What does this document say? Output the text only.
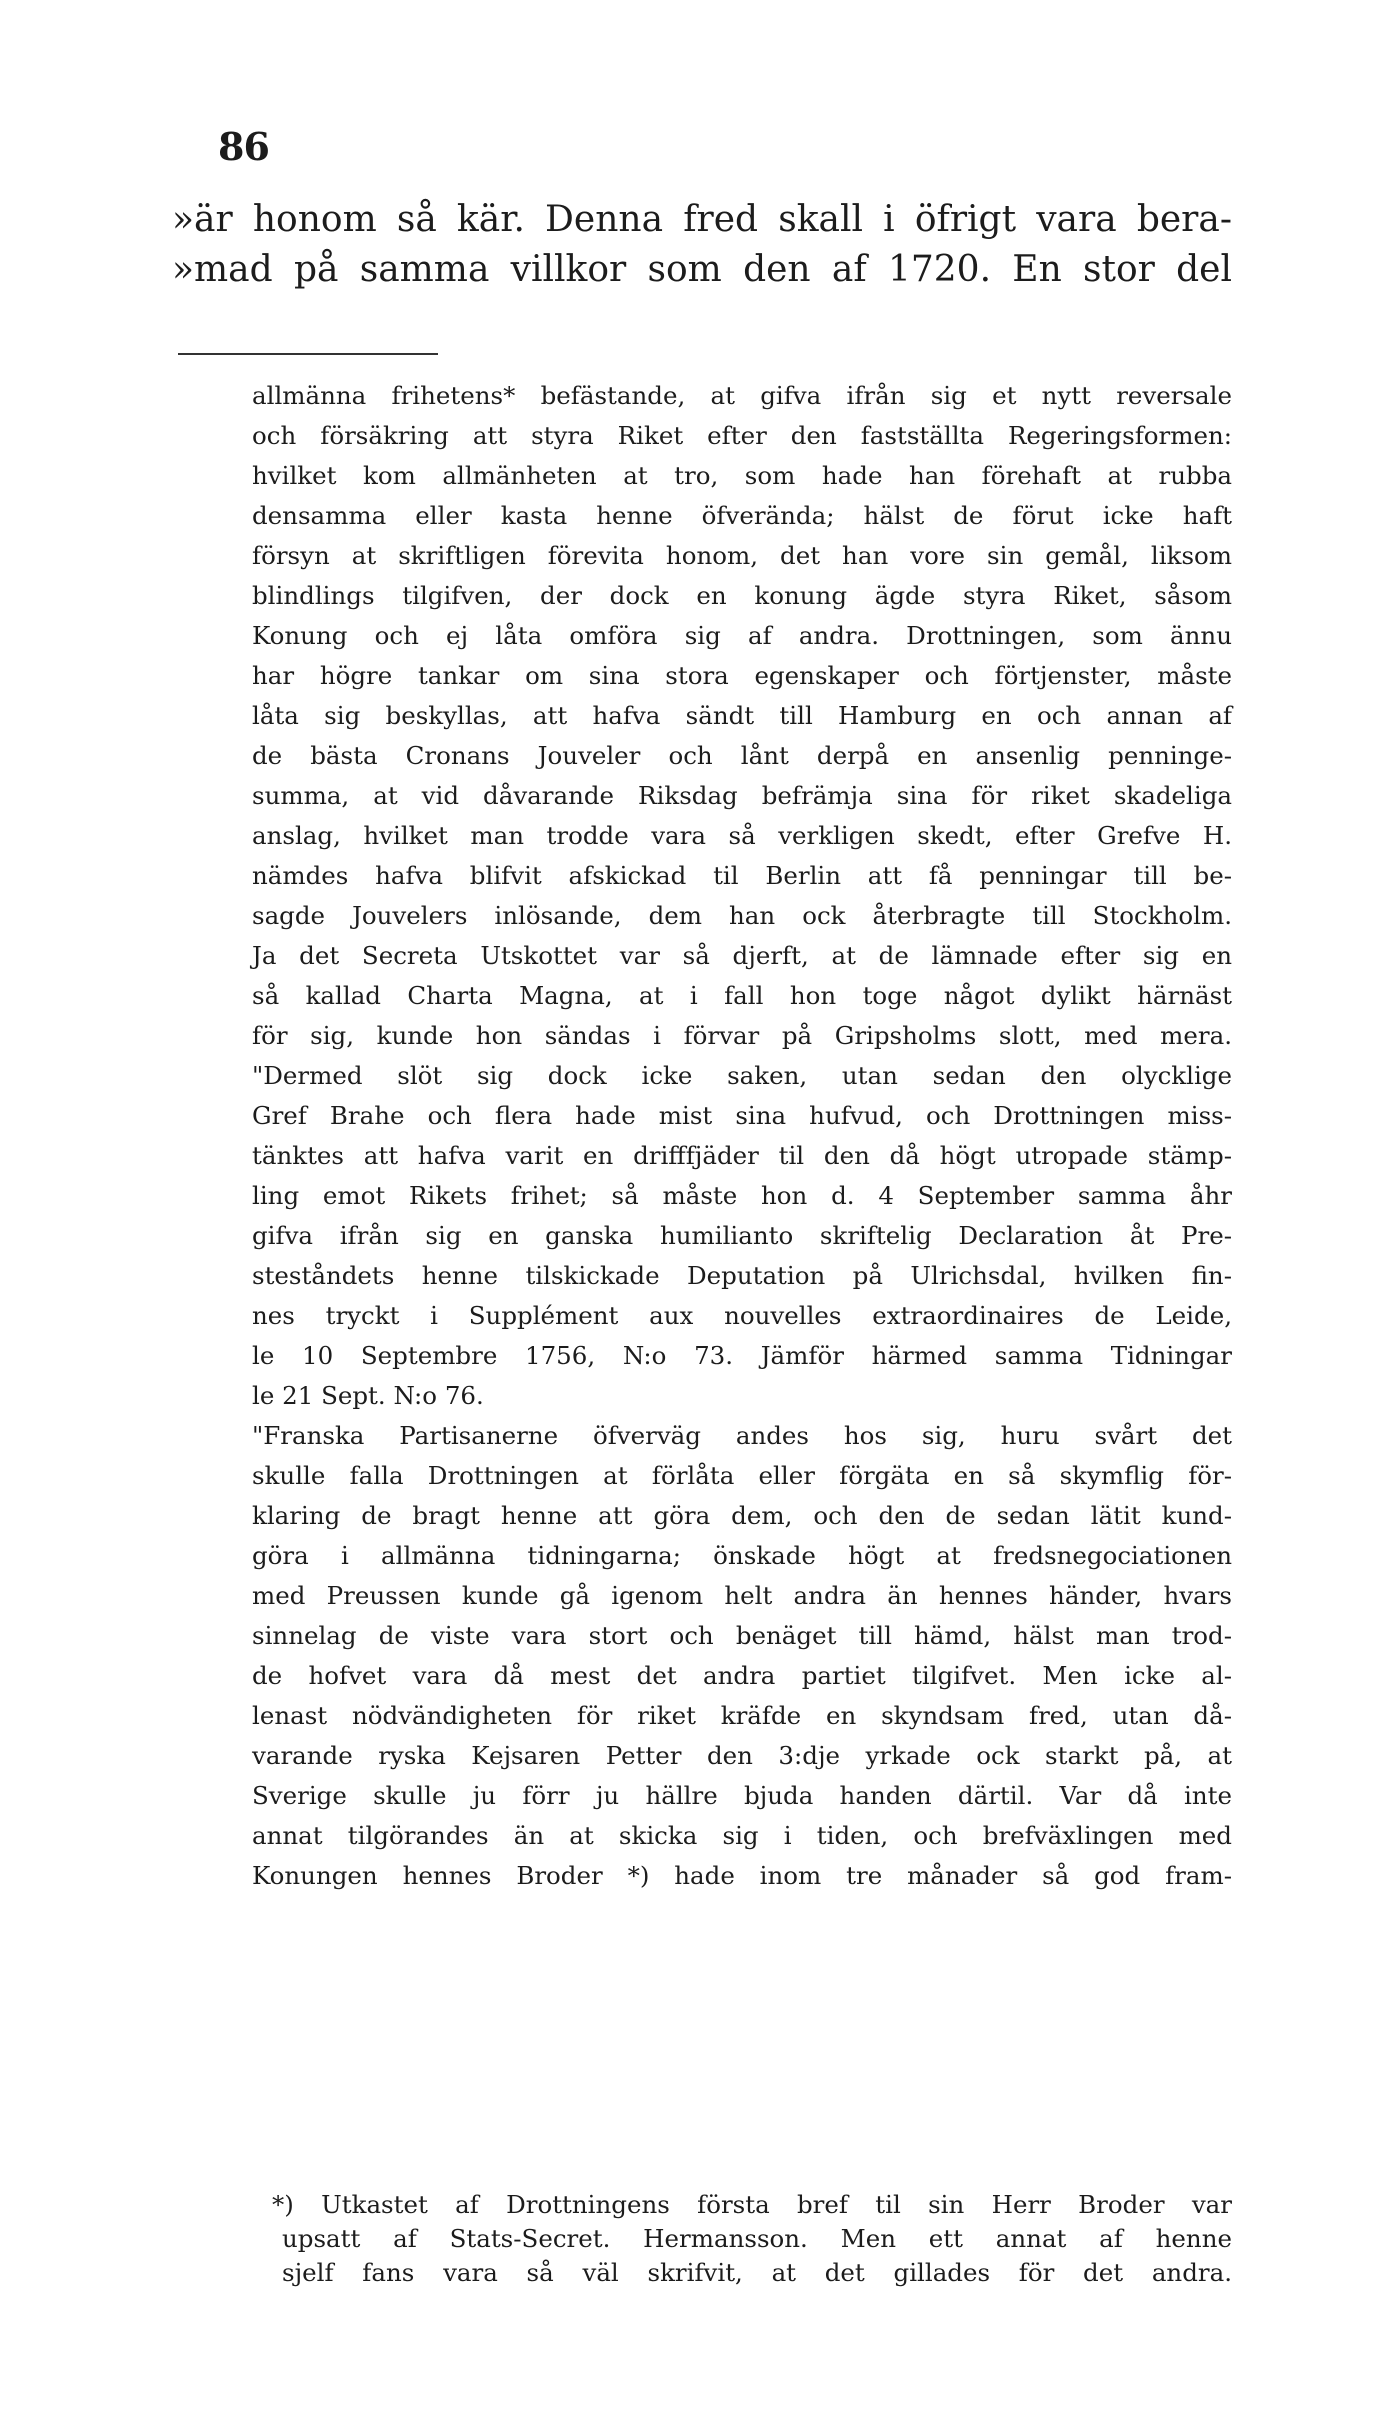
86
»är honom så kär. Denna fred skall i öfrigt vara bera-
»mad på samma villkor som den af 1720. En stor del
allmänna frihetens* befästande, at gifva ifrån sig et nytt reversale
och försäkring att styra Riket efter den fastställta Regeringsformen:
hvilket kom allmänheten at tro, som hade han förehaft at rubba
densamma eller kasta henne öfverända; hälst de förut icke haft
försyn at skriftligen förevita honom, det han vore sin gemål, liksom
blindlings tilgifven, der dock en konung ägde styra Riket, såsom
Konung och ej låta omföra sig af andra. Drottningen, som ännu
har högre tankar om sina stora egenskaper och förtjenster, måste
låta sig beskyllas, att hafva sändt till Hamburg en och annan af
de bästa Cronans Jouveler och lånt derpå en ansenlig penninge-
summa, at vid dåvarande Riksdag befrämja sina för riket skadeliga
anslag, hvilket man trodde vara så verkligen skedt, efter Grefve H.
nämdes hafva blifvit afskickad til Berlin att få penningar till be-
sagde Jouvelers inlösande, dem han ock återbragte till Stockholm.
Ja det Secreta Utskottet var så djerft, at de lämnade efter sig en
så kallad Charta Magna, at i fall hon toge något dylikt härnäst
för sig, kunde hon sändas i förvar på Gripsholms slott, med mera.
"Dermed slöt sig dock icke saken, utan sedan den olycklige
Gref Brahe och flera hade mist sina hufvud, och Drottningen miss-
tänktes att hafva varit en drifffjäder til den då högt utropade stämp-
ling emot Rikets frihet; så måste hon d. 4 September samma åhr
gifva ifrån sig en ganska humilianto skriftelig Declaration åt Pre-
steståndets henne tilskickade Deputation på Ulrichsdal, hvilken fin-
nes tryckt i Supplément aux nouvelles extraordinaires de Leide,
le 10 Septembre 1756, N:o 73. Jämför härmed samma Tidningar
le 21 Sept. N:o 76.
"Franska Partisanerne öfverväg andes hos sig, huru svårt det
skulle falla Drottningen at förlåta eller förgäta en så skymflig för-
klaring de bragt henne att göra dem, och den de sedan lätit kund-
göra i allmänna tidningarna; önskade högt at fredsnegociationen
med Preussen kunde gå igenom helt andra än hennes händer, hvars
sinnelag de viste vara stort och benäget till hämd, hälst man trod-
de hofvet vara då mest det andra partiet tilgifvet. Men icke al-
lenast nödvändigheten för riket kräfde en skyndsam fred, utan då-
varande ryska Kejsaren Petter den 3:dje yrkade ock starkt på, at
Sverige skulle ju förr ju hällre bjuda handen därtil. Var då inte
annat tilgörandes än at skicka sig i tiden, och brefväxlingen med
Konungen hennes Broder *) hade inom tre månader så god fram-
*) Utkastet af Drottningens första bref til sin Herr Broder var
upsatt af Stats-Secret. Hermansson. Men ett annat af henne
sjelf fans vara så väl skrifvit, at det gillades för det andra.
